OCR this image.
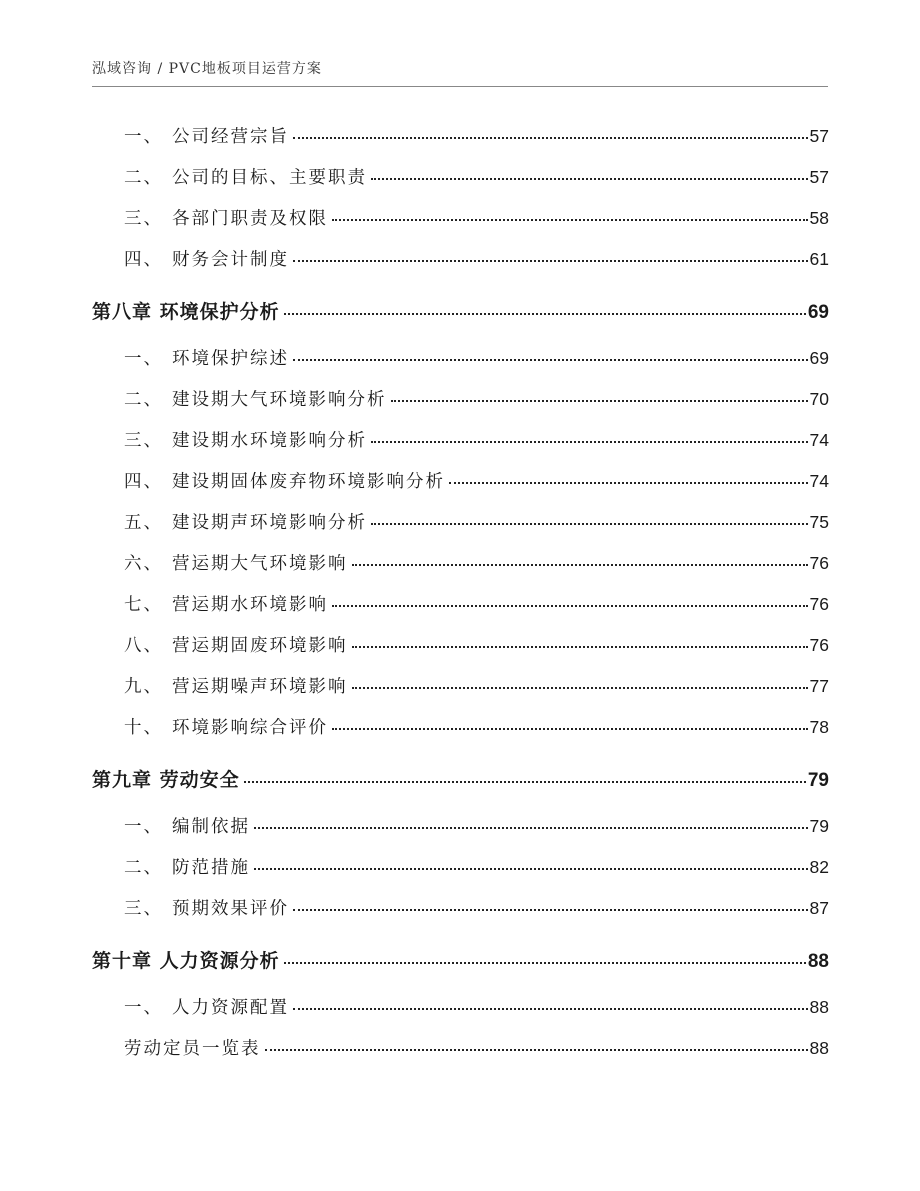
泓域咨询 / PVC地板项目运营方案
一、 公司经营宗旨	57
二、 公司的目标、主要职责	57
三、 各部门职责及权限	58
四、 财务会计制度	61
第八章 环境保护分析	69
一、 环境保护综述	69
二、 建设期大气环境影响分析	70
三、 建设期水环境影响分析	74
四、 建设期固体废弃物环境影响分析	74
五、 建设期声环境影响分析	75
六、 营运期大气环境影响	76
七、 营运期水环境影响	76
八、 营运期固废环境影响	76
九、 营运期噪声环境影响	77
十、 环境影响综合评价	78
第九章 劳动安全	79
一、 编制依据	79
二、 防范措施	82
三、 预期效果评价	87
第十章 人力资源分析	88
一、 人力资源配置	88
劳动定员一览表	88
